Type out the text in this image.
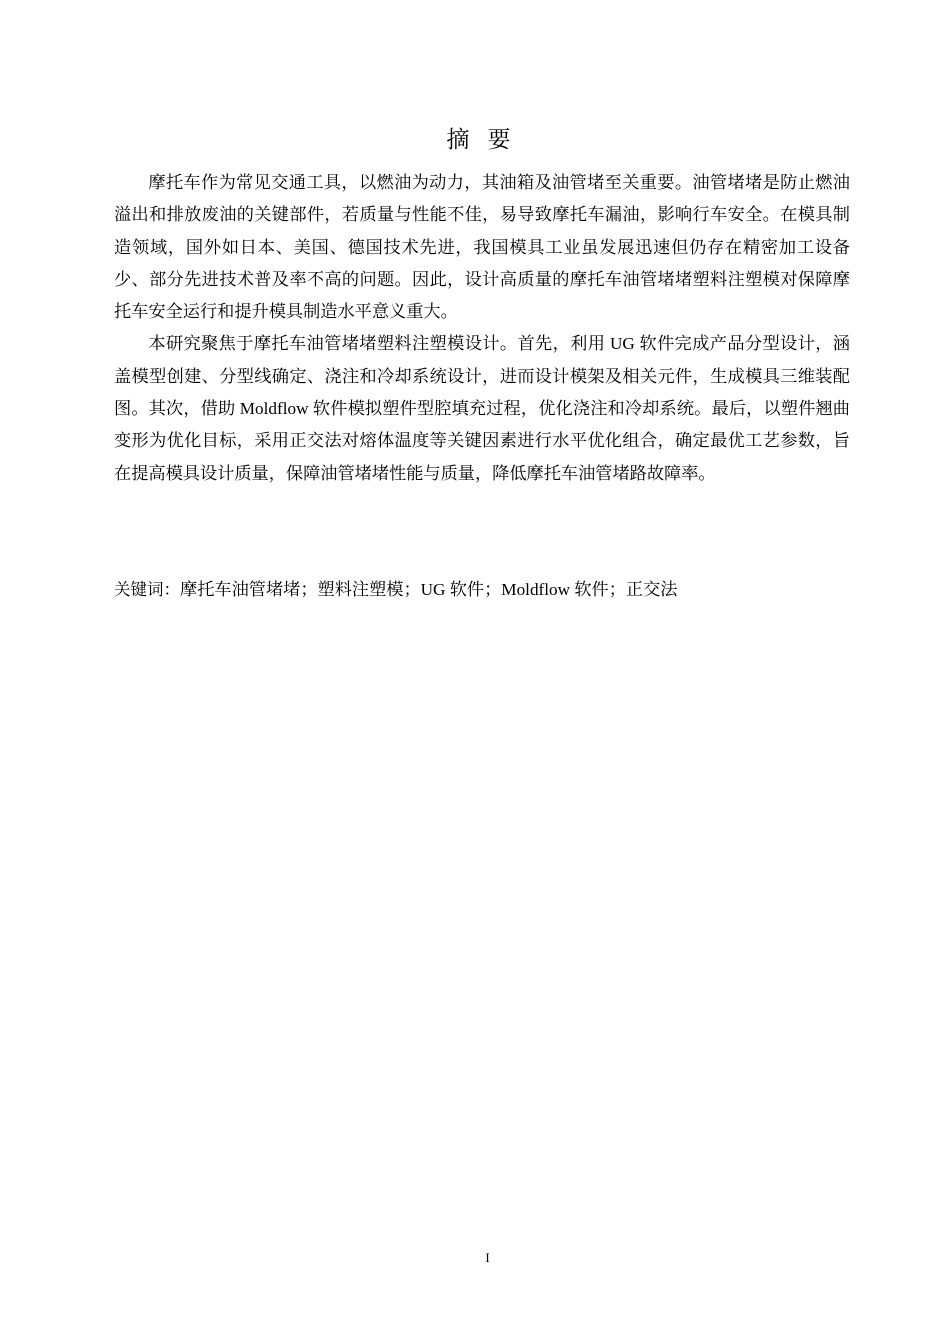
摘要

摩托车作为常见交通工具，以燃油为动力，其油箱及油管堵至关重要。油管堵堵是防止燃油溢出和排放废油的关键部件，若质量与性能不佳，易导致摩托车漏油，影响行车安全。在模具制造领域，国外如日本、美国、德国技术先进，我国模具工业虽发展迅速但仍存在精密加工设备少、部分先进技术普及率不高的问题。因此，设计高质量的摩托车油管堵堵塑料注塑模对保障摩托车安全运行和提升模具制造水平意义重大。

本研究聚焦于摩托车油管堵堵塑料注塑模设计。首先，利用 UG 软件完成产品分型设计，涵盖模型创建、分型线确定、浇注和冷却系统设计，进而设计模架及相关元件，生成模具三维装配图。其次，借助 Moldflow 软件模拟塑件型腔填充过程，优化浇注和冷却系统。最后，以塑件翘曲变形为优化目标，采用正交法对熔体温度等关键因素进行水平优化组合，确定最优工艺参数，旨在提高模具设计质量，保障油管堵堵性能与质量，降低摩托车油管堵路故障率。

关键词：摩托车油管堵堵；塑料注塑模；UG 软件；Moldflow 软件；正交法
I
